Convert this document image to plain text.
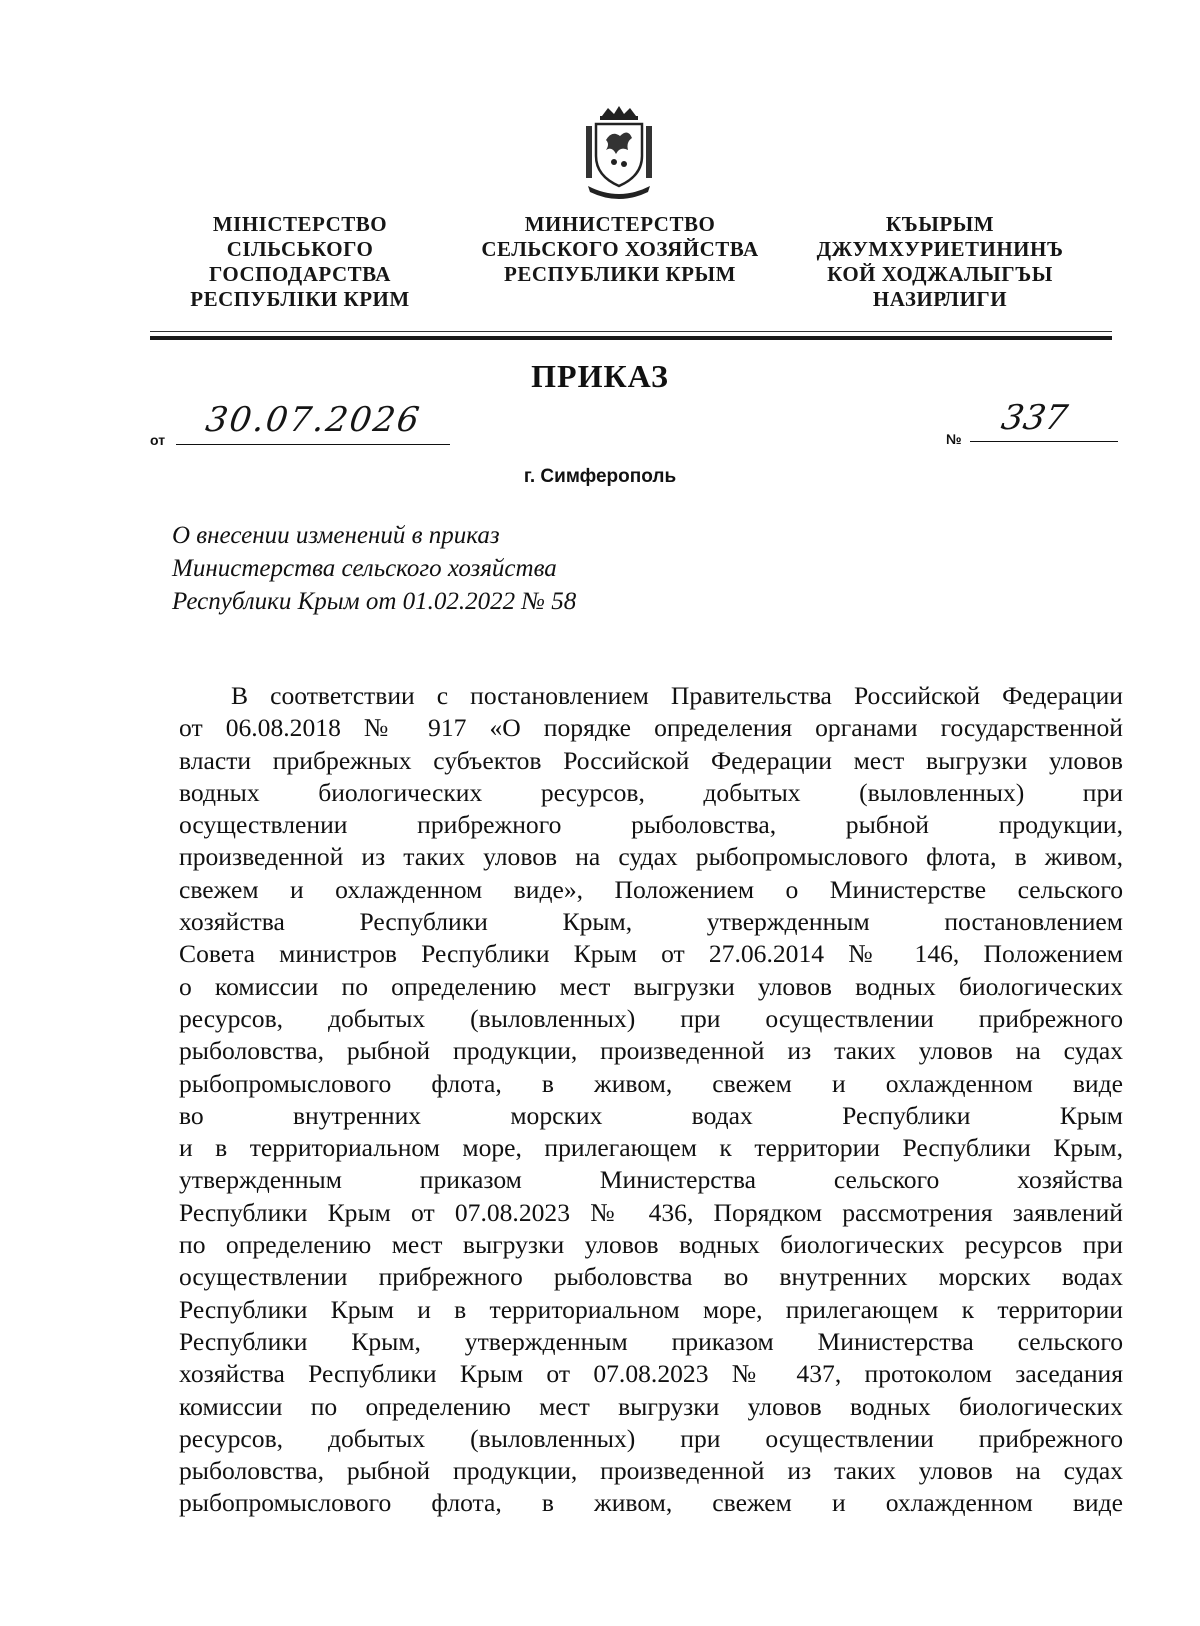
МІНІСТЕРСТВО
СІЛЬСЬКОГО
ГОСПОДАРСТВА
РЕСПУБЛІКИ КРИМ
МИНИСТЕРСТВО
СЕЛЬСКОГО ХОЗЯЙСТВА
РЕСПУБЛИКИ КРЫМ
КЪЫРЫМ
ДЖУМХУРИЕТИНИНЪ
КОЙ ХОДЖАЛЫГЪЫ
НАЗИРЛИГИ
ПРИКАЗ
от 30.07.2026	№
337
г. Симферополь
О внесении изменений в приказ
Министерства сельского хозяйства
Республики Крым от 01.02.2022 № 58
В соответствии с постановлением Правительства Российской Федерации
от 06.08.2018 № 917 «О порядке определения органами государственной
власти прибрежных субъектов Российской Федерации мест выгрузки уловов
водных биологических ресурсов, добытых (выловленных) при
осуществлении прибрежного рыболовства, рыбной продукции,
произведенной из таких уловов на судах рыбопромыслового флота, в живом,
свежем и охлажденном виде», Положением о Министерстве сельского
хозяйства Республики Крым, утвержденным постановлением
Совета министров Республики Крым от 27.06.2014 № 146, Положением
о комиссии по определению мест выгрузки уловов водных биологических
ресурсов, добытых (выловленных) при осуществлении прибрежного
рыболовства, рыбной продукции, произведенной из таких уловов на судах
рыбопромыслового флота, в живом, свежем и охлажденном виде
во внутренних морских водах Республики Крым
и в территориальном море, прилегающем к территории Республики Крым,
утвержденным приказом Министерства сельского хозяйства
Республики Крым от 07.08.2023 № 436, Порядком рассмотрения заявлений
по определению мест выгрузки уловов водных биологических ресурсов при
осуществлении прибрежного рыболовства во внутренних морских водах
Республики Крым и в территориальном море, прилегающем к территории
Республики Крым, утвержденным приказом Министерства сельского
хозяйства Республики Крым от 07.08.2023 № 437, протоколом заседания
комиссии по определению мест выгрузки уловов водных биологических
ресурсов, добытых (выловленных) при осуществлении прибрежного
рыболовства, рыбной продукции, произведенной из таких уловов на судах
рыбопромыслового флота, в живом, свежем и охлажденном виде
